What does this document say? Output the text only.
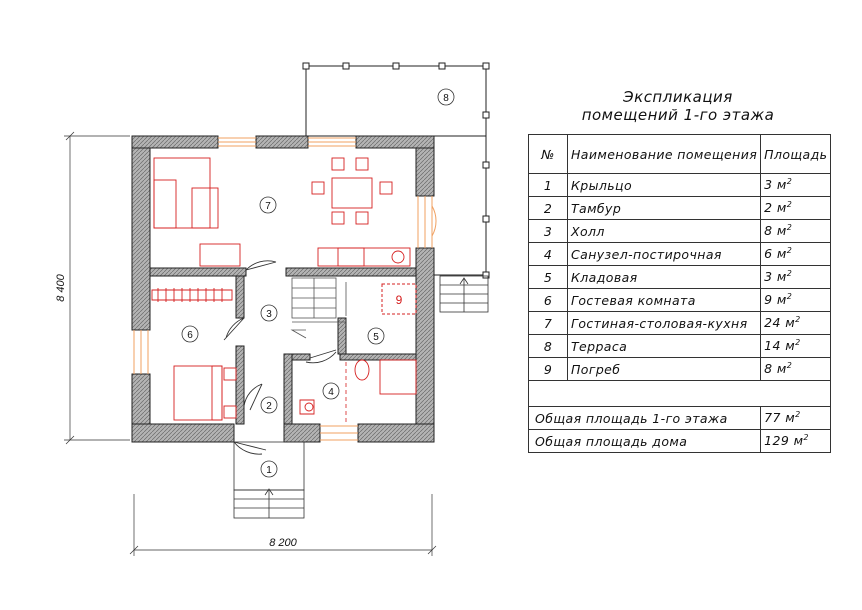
9
8 200
8 400
1
2
3
4
5
6
7
8	Экспликация
помещений 1-го этажа
№	Наименование помещения	Площадь
1	Крыльцо	3 $м^2$
2	Тамбур	2 $м^2$
3	Холл	8 $м^2$
4	Санузел-постирочная	6 $м^2$
5	Кладовая	3 $м^2$
6	Гостевая комната	9 $м^2$
7	Гостиная-столовая-кухня	24 $м^2$
8	Терраса	14 $м^2$
9	Погреб	8 $м^2$

Общая площадь 1-го этажа		77 $м^2$
Общая площадь дома		129 $м^2$
